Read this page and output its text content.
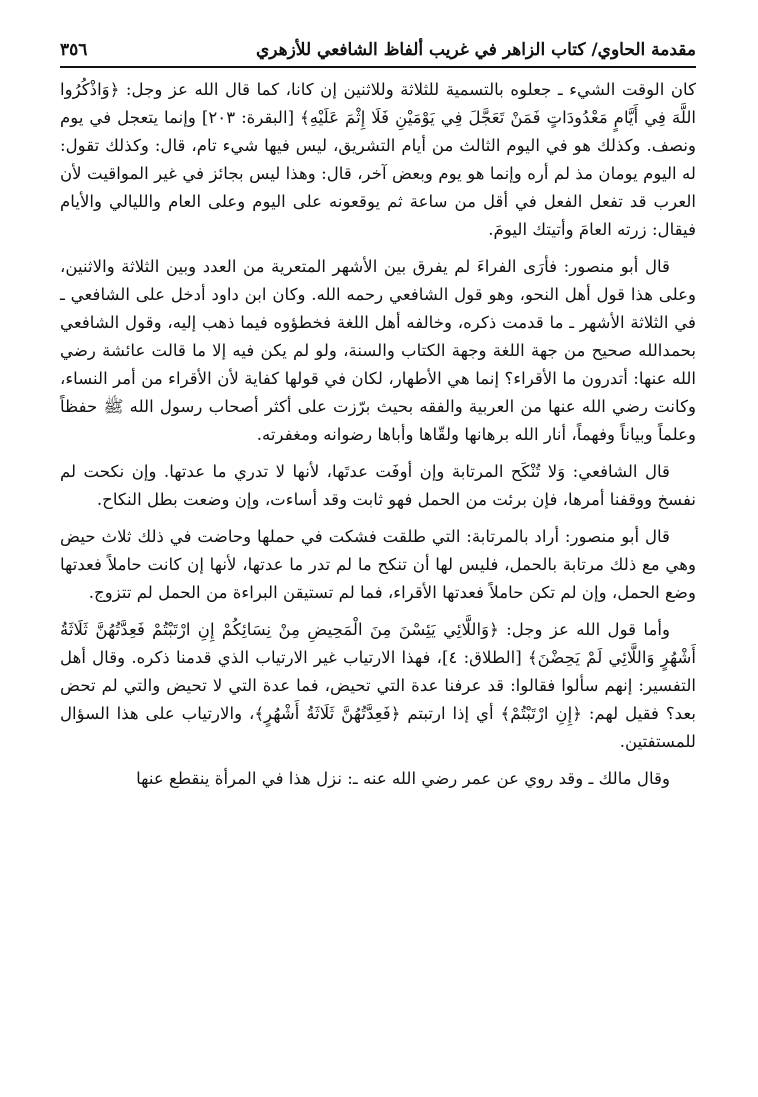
مقدمة الحاوي/ كتاب الزاهر في غريب ألفاظ الشافعي للأزهري
٣٥٦

كان الوقت الشيء ـ جعلوه بالتسمية للثلاثة وللاثنين إن كانا، كما قال الله عز وجل: ﴿وَاذْكُرُوا اللَّهَ فِي أَيَّامٍ مَعْدُودَاتٍ فَمَنْ تَعَجَّلَ فِي يَوْمَيْنِ فَلَا إِثْمَ عَلَيْهِ﴾ [البقرة: ٢٠٣] وإنما يتعجل في يوم ونصف. وكذلك هو في اليوم الثالث من أيام التشريق، ليس فيها شيء تام، قال: وكذلك تقول: له اليوم يومان مذ لم أره وإنما هو يوم وبعض آخر، قال: وهذا ليس بجائز في غير المواقيت لأن العرب قد تفعل الفعل في أقل من ساعة ثم يوقعونه على اليوم وعلى العام والليالي والأيام فيقال: زرته العامَ وأتيتك اليومَ.

قال أبو منصور: فأرَى الفراءَ لم يفرق بين الأشهر المتعرية من العدد وبين الثلاثة والاثنين، وعلى هذا قول أهل النحو، وهو قول الشافعي رحمه الله. وكان ابن داود أدخل على الشافعي ـ في الثلاثة الأشهر ـ ما قدمت ذكره، وخالفه أهل اللغة فخطؤوه فيما ذهب إليه، وقول الشافعي بحمدالله صحيح من جهة اللغة وجهة الكتاب والسنة، ولو لم يكن فيه إلا ما قالت عائشة رضي الله عنها: أتدرون ما الأقراء؟ إنما هي الأطهار، لكان في قولها كفاية لأن الأقراء من أمر النساء، وكانت رضي الله عنها من العربية والفقه بحيث برّزت على أكثر أصحاب رسول الله ﷺ حفظاً وعلماً وبياناً وفهماً، أنار الله برهانها ولقّاها وأباها رضوانه ومغفرته.

قال الشافعي: وَلا تُنْكَح المرتابة وإن أوفَت عدتَها، لأنها لا تدري ما عدتها. وإن نكحت لم نفسخ ووقفنا أمرها، فإن برئت من الحمل فهو ثابت وقد أساءت، وإن وضعت بطل النكاح.

قال أبو منصور: أراد بالمرتابة: التي طلقت فشكت في حملها وحاضت في ذلك ثلاث حيض وهي مع ذلك مرتابة بالحمل، فليس لها أن تنكح ما لم تدر ما عدتها، لأنها إن كانت حاملاً فعدتها وضع الحمل، وإن لم تكن حاملاً فعدتها الأقراء، فما لم تستيقن البراءة من الحمل لم تتزوج.

وأما قول الله عز وجل: ﴿وَاللَّائِي يَئِسْنَ مِنَ الْمَحِيضِ مِنْ نِسَائِكُمْ إِنِ ارْتَبْتُمْ فَعِدَّتُهُنَّ ثَلَاثَةُ أَشْهُرٍ وَاللَّائِي لَمْ يَحِضْنَ﴾ [الطلاق: ٤]، فهذا الارتياب غير الارتياب الذي قدمنا ذكره. وقال أهل التفسير: إنهم سألوا فقالوا: قد عرفنا عدة التي تحيض، فما عدة التي لا تحيض والتي لم تحض بعد؟ فقيل لهم: ﴿إِنِ ارْتَبْتُمْ﴾ أي إذا ارتبتم ﴿فَعِدَّتُهُنَّ ثَلَاثَةُ أَشْهُرٍ﴾، والارتياب على هذا السؤال للمستفتين.

وقال مالك ـ وقد روي عن عمر رضي الله عنه ـ: نزل هذا في المرأة ينقطع عنها
